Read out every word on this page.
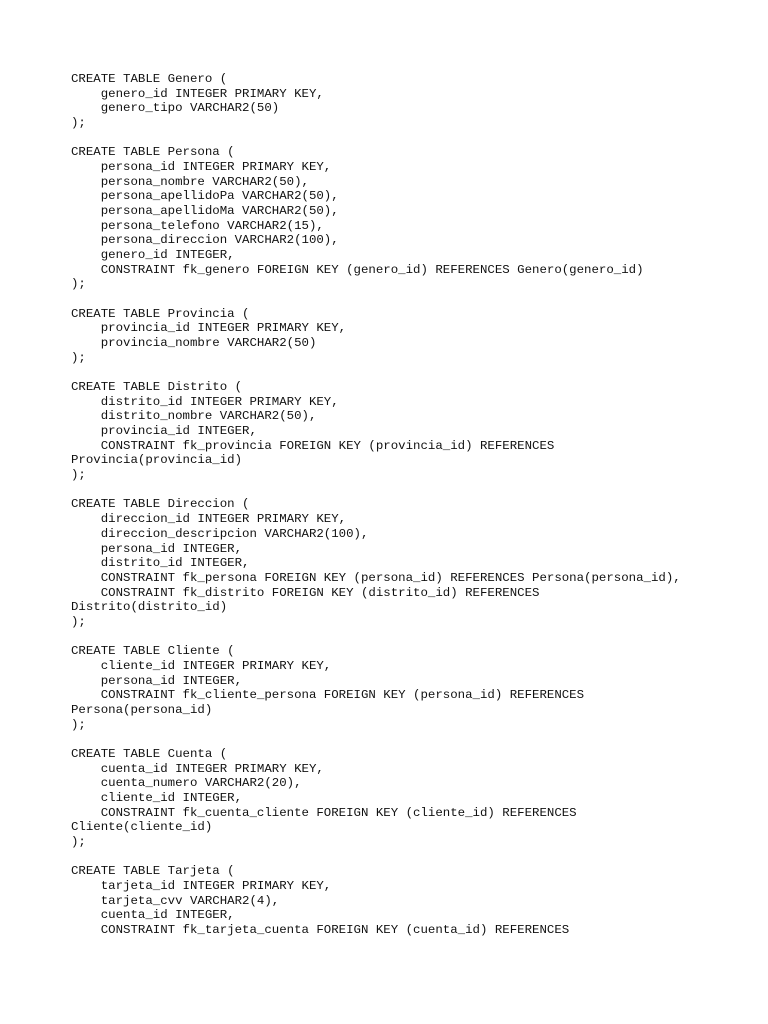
CREATE TABLE Genero (
genero_id INTEGER PRIMARY KEY,
genero_tipo VARCHAR2(50)
);
CREATE TABLE Persona (
persona_id INTEGER PRIMARY KEY,
persona_nombre VARCHAR2(50),
persona_apellidoPa VARCHAR2(50),
persona_apellidoMa VARCHAR2(50),
persona_telefono VARCHAR2(15),
persona_direccion VARCHAR2(100),
genero_id INTEGER,
CONSTRAINT fk_genero FOREIGN KEY (genero_id) REFERENCES Genero(genero_id)
);
CREATE TABLE Provincia (
provincia_id INTEGER PRIMARY KEY,
provincia_nombre VARCHAR2(50)
);
CREATE TABLE Distrito (
distrito_id INTEGER PRIMARY KEY,
distrito_nombre VARCHAR2(50),
provincia_id INTEGER,
CONSTRAINT fk_provincia FOREIGN KEY (provincia_id) REFERENCES
Provincia(provincia_id)
);
CREATE TABLE Direccion (
direccion_id INTEGER PRIMARY KEY,
direccion_descripcion VARCHAR2(100),
persona_id INTEGER,
distrito_id INTEGER,
CONSTRAINT fk_persona FOREIGN KEY (persona_id) REFERENCES Persona(persona_id),
CONSTRAINT fk_distrito FOREIGN KEY (distrito_id) REFERENCES
Distrito(distrito_id)
);
CREATE TABLE Cliente (
cliente_id INTEGER PRIMARY KEY,
persona_id INTEGER,
CONSTRAINT fk_cliente_persona FOREIGN KEY (persona_id) REFERENCES
Persona(persona_id)
);
CREATE TABLE Cuenta (
cuenta_id INTEGER PRIMARY KEY,
cuenta_numero VARCHAR2(20),
cliente_id INTEGER,
CONSTRAINT fk_cuenta_cliente FOREIGN KEY (cliente_id) REFERENCES
Cliente(cliente_id)
);
CREATE TABLE Tarjeta (
tarjeta_id INTEGER PRIMARY KEY,
tarjeta_cvv VARCHAR2(4),
cuenta_id INTEGER,
CONSTRAINT fk_tarjeta_cuenta FOREIGN KEY (cuenta_id) REFERENCES
